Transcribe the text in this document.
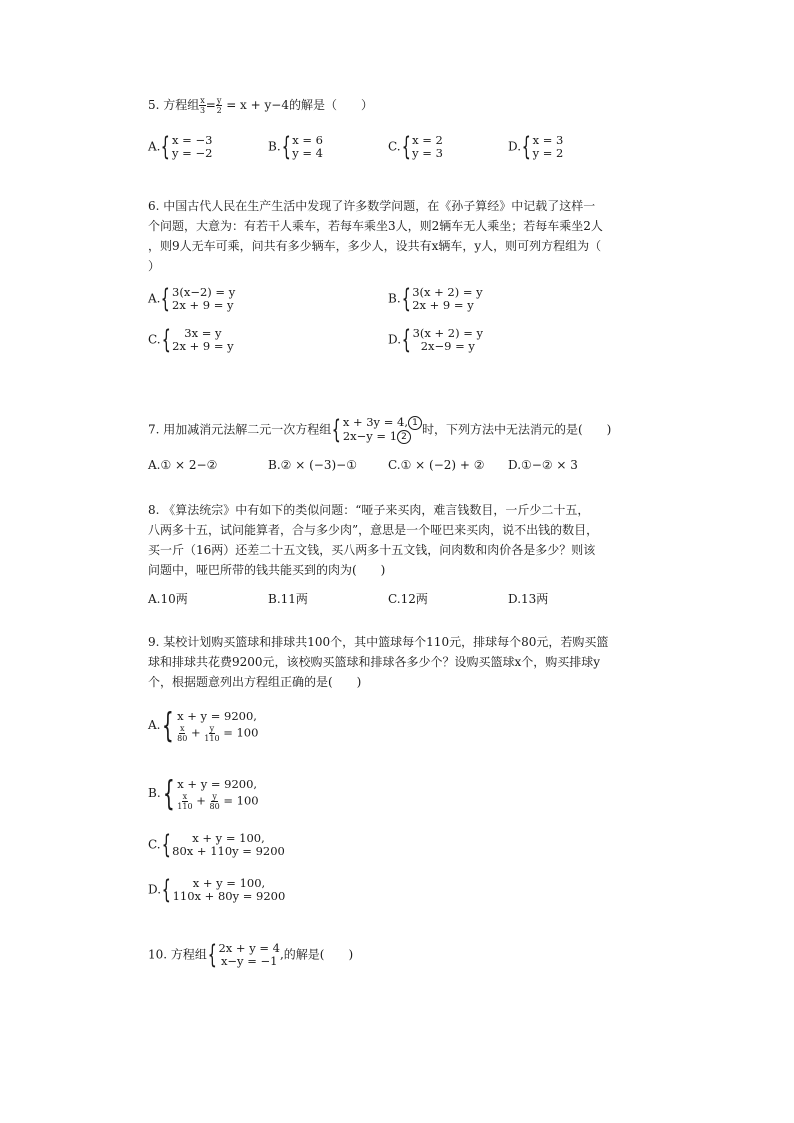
5. 方程组 $\frac{x}{3} = \frac{y}{2} = x + y-4$的解是（　　）
A. { x = −3
y = −2	B. { x = 6
y = 4	C. { x = 2
y = 3	D. { x = 3
y = 2
6. 中国古代人民在生产生活中发现了许多数学问题，在《孙子算经》中记载了这样一
个问题，大意为：有若干人乘车，若每车乘坐3人，则2辆车无人乘坐；若每车乘坐2人
，则9人无车可乘，问共有多少辆车，多少人，设共有x辆车，y人，则可列方程组为（
）
A. { 3(x−2) = y
2x + 9 = y	B. { 3(x + 2) = y
2x + 9 = y
C. { 3x = y
2x + 9 = y	D. { 3(x + 2) = y
2x−9 = y
7. 用加减消元法解二元一次方程组 { x + 3y = 4, 1
2x−y = 1 2
时，下列方法中无法消元的是(　　)
A.① × 2−②	B.② × (−3)−①	C.① × (−2) + ② D.①−② × 3
8. 《算法统宗》中有如下的类似问题：“哑子来买肉，难言钱数目，一斤少二十五，
八两多十五，试问能算者，合与多少肉”，意思是一个哑巴来买肉，说不出钱的数目，
买一斤（16两）还差二十五文钱，买八两多十五文钱，问肉数和肉价各是多少？则该
问题中，哑巴所带的钱共能买到的肉为(　　)
A.10两	B.11两	C.12两	D.13两
9. 某校计划购买篮球和排球共100个，其中篮球每个110元，排球每个80元，若购买篮
球和排球共花费9200元，该校购买篮球和排球各多少个？设购买篮球x个，购买排球y
个，根据题意列出方程组正确的是(　　)
A. { x + y = 9200,
$\frac{x}{80} + \frac{y}{110} = 100$
B. { x + y = 9200,
$\frac{x}{110} + \frac{y}{80} = 100$
C. { x + y = 100,
80x + 110y = 9200
D. { x + y = 100,
110x + 80y = 9200
10. 方程组 { 2x + y = 4
x−y = −1 ,的解是(　　)
